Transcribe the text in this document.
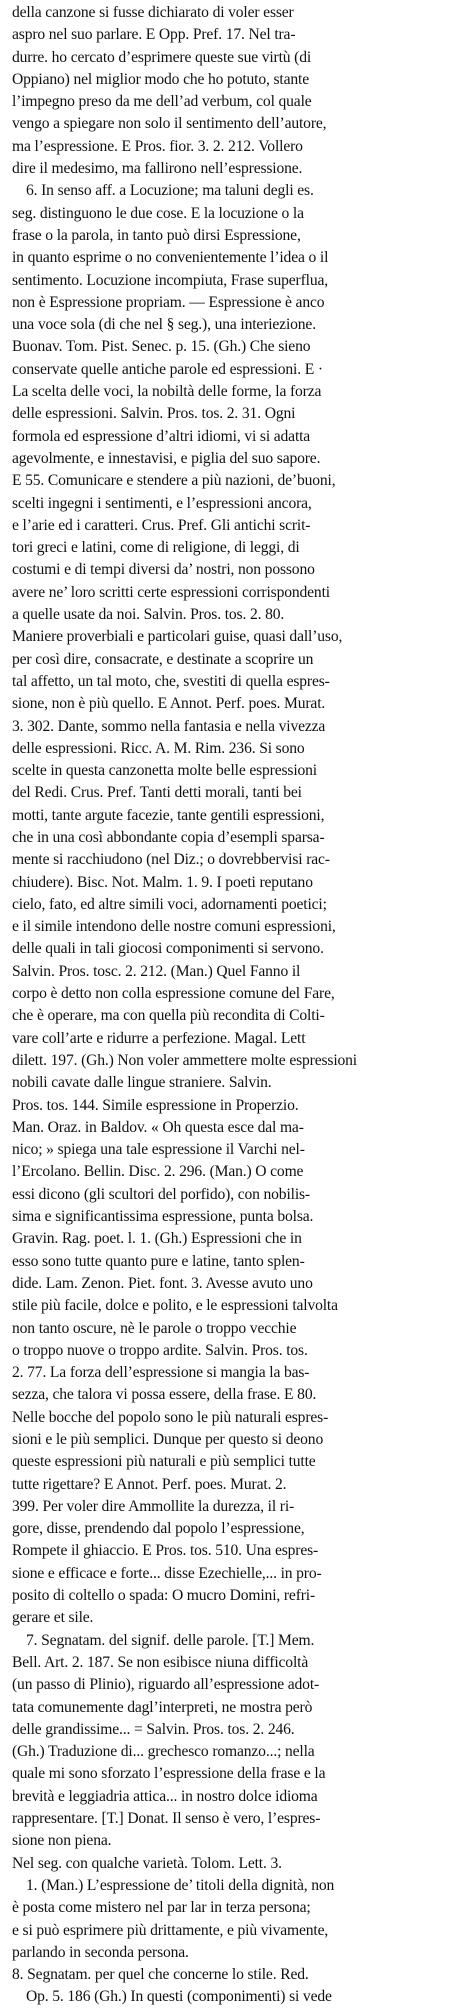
della canzone si fusse dichiarato di voler esser
aspro nel suo parlare. E Opp. Pref. 17. Nel tra-
durre. ho cercato d’esprimere queste sue virtù (di
Oppiano) nel miglior modo che ho potuto, stante
l’impegno preso da me dell’ad verbum, col quale
vengo a spiegare non solo il sentimento dell’autore,
ma l’espressione. E Pros. fior. 3. 2. 212. Vollero
dire il medesimo, ma fallirono nell’espressione.
6. In senso aff. a Locuzione; ma taluni degli es.
seg. distinguono le due cose. E la locuzione o la
frase o la parola, in tanto può dirsi Espressione,
in quanto esprime o no convenientemente l’idea o il
sentimento. Locuzione incompiuta, Frase superflua,
non è Espressione propriam. — Espressione è anco
una voce sola (di che nel § seg.), una interiezione.
Buonav. Tom. Pist. Senec. p. 15. (Gh.) Che sieno
conservate quelle antiche parole ed espressioni. E ·
La scelta delle voci, la nobiltà delle forme, la forza
delle espressioni. Salvin. Pros. tos. 2. 31. Ogni
formola ed espressione d’altri idiomi, vi si adatta
agevolmente, e innestavisi, e piglia del suo sapore.
E 55. Comunicare e stendere a più nazioni, de’buoni,
scelti ingegni i sentimenti, e l’espressioni ancora,
e l’arie ed i caratteri. Crus. Pref. Gli antichi scrit-
tori greci e latini, come di religione, di leggi, di
costumi e di tempi diversi da’ nostri, non possono
avere ne’ loro scritti certe espressioni corrispondenti
a quelle usate da noi. Salvin. Pros. tos. 2. 80.
Maniere proverbiali e particolari guise, quasi dall’uso,
per così dire, consacrate, e destinate a scoprire un
tal affetto, un tal moto, che, svestiti di quella espres-
sione, non è più quello. E Annot. Perf. poes. Murat.
3. 302. Dante, sommo nella fantasia e nella vivezza
delle espressioni. Ricc. A. M. Rim. 236. Si sono
scelte in questa canzonetta molte belle espressioni
del Redi. Crus. Pref. Tanti detti morali, tanti bei
motti, tante argute facezie, tante gentili espressioni,
che in una così abbondante copia d’esempli sparsa-
mente si racchiudono (nel Diz.; o dovrebbervisi rac-
chiudere). Bisc. Not. Malm. 1. 9. I poeti reputano
cielo, fato, ed altre simili voci, adornamenti poetici;
e il simile intendono delle nostre comuni espressioni,
delle quali in tali giocosi componimenti si servono.
Salvin. Pros. tosc. 2. 212. (Man.) Quel Fanno il
corpo è detto non colla espressione comune del Fare,
che è operare, ma con quella più recondita di Colti-
vare coll’arte e ridurre a perfezione. Magal. Lett
dilett. 197. (Gh.) Non voler ammettere molte espressioni
nobili cavate dalle lingue straniere. Salvin.
Pros. tos. 144. Simile espressione in Properzio.
Man. Oraz. in Baldov. « Oh questa esce dal ma-
nico; » spiega una tale espressione il Varchi nel-
l’Ercolano. Bellin. Disc. 2. 296. (Man.) O come
essi dicono (gli scultori del porfido), con nobilis-
sima e significantissima espressione, punta bolsa.
Gravin. Rag. poet. l. 1. (Gh.) Espressioni che in
esso sono tutte quanto pure e latine, tanto splen-
dide. Lam. Zenon. Piet. font. 3. Avesse avuto uno
stile più facile, dolce e polito, e le espressioni talvolta
non tanto oscure, nè le parole o troppo vecchie
o troppo nuove o troppo ardite. Salvin. Pros. tos.
2. 77. La forza dell’espressione si mangia la bas-
sezza, che talora vi possa essere, della frase. E 80.
Nelle bocche del popolo sono le più naturali espres-
sioni e le più semplici. Dunque per questo si deono
queste espressioni più naturali e più semplici tutte
tutte rigettare? E Annot. Perf. poes. Murat. 2.
399. Per voler dire Ammollite la durezza, il ri-
gore, disse, prendendo dal popolo l’espressione,
Rompete il ghiaccio. E Pros. tos. 510. Una espres-
sione e efficace e forte... disse Ezechielle,... in pro-
posito di coltello o spada: O mucro Domini, refri-
gerare et sile.
7. Segnatam. del signif. delle parole. [T.] Mem.
Bell. Art. 2. 187. Se non esibisce niuna difficoltà
(un passo di Plinio), riguardo all’espressione adot-
tata comunemente dagl’interpreti, ne mostra però
delle grandissime... = Salvin. Pros. tos. 2. 246.
(Gh.) Traduzione di... grechesco romanzo...; nella
quale mi sono sforzato l’espressione della frase e la
brevità e leggiadria attica... in nostro dolce idioma
rappresentare. [T.] Donat. Il senso è vero, l’espres-
sione non piena.
Nel seg. con qualche varietà. Tolom. Lett. 3.
1. (Man.) L’espressione de’ titoli della dignità, non
è posta come mistero nel par lar in terza persona;
e si può esprimere più drittamente, e più vivamente,
parlando in seconda persona.
8. Segnatam. per quel che concerne lo stile. Red.
Op. 5. 186 (Gh.) In questi (componimenti) si vede
